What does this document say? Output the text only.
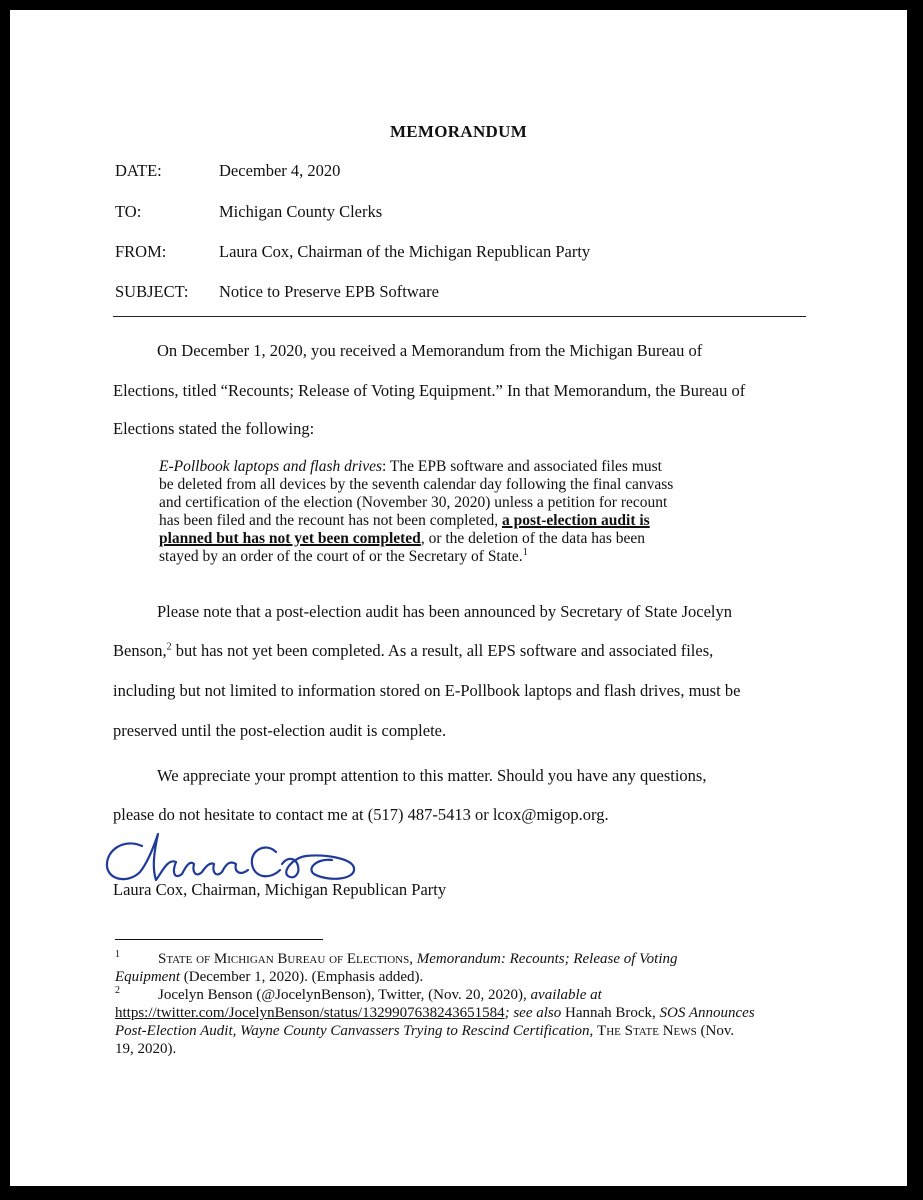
MEMORANDUM
DATE:	December 4, 2020
TO:	Michigan County Clerks
FROM:	Laura Cox, Chairman of the Michigan Republican Party
SUBJECT: Notice to Preserve EPB Software
On December 1, 2020, you received a Memorandum from the Michigan Bureau of
Elections, titled “Recounts; Release of Voting Equipment.” In that Memorandum, the Bureau of
Elections stated the following:
E-Pollbook laptops and flash drives: The EPB software and associated files must
be deleted from all devices by the seventh calendar day following the final canvass
and certification of the election (November 30, 2020) unless a petition for recount
has been filed and the recount has not been completed, a post-election audit is
planned but has not yet been completed, or the deletion of the data has been
stayed by an order of the court of or the Secretary of State.$^1$
Please note that a post-election audit has been announced by Secretary of State Jocelyn
Benson,$^2$ but has not yet been completed. As a result, all EPS software and associated files,
including but not limited to information stored on E-Pollbook laptops and flash drives, must be
preserved until the post-election audit is complete.
We appreciate your prompt attention to this matter. Should you have any questions,
please do not hesitate to contact me at (517) 487-5413 or lcox@migop.org.
Laura Cox, Chairman, Michigan Republican Party
$^1$	State of Michigan Bureau of Elections, Memorandum: Recounts; Release of Voting
Equipment (December 1, 2020). (Emphasis added).
$^2$	Jocelyn Benson (@JocelynBenson), Twitter, (Nov. 20, 2020), available at
https://twitter.com/JocelynBenson/status/1329907638243651584; see also Hannah Brock, SOS Announces
Post-Election Audit, Wayne County Canvassers Trying to Rescind Certification, The State News (Nov.
19, 2020).
